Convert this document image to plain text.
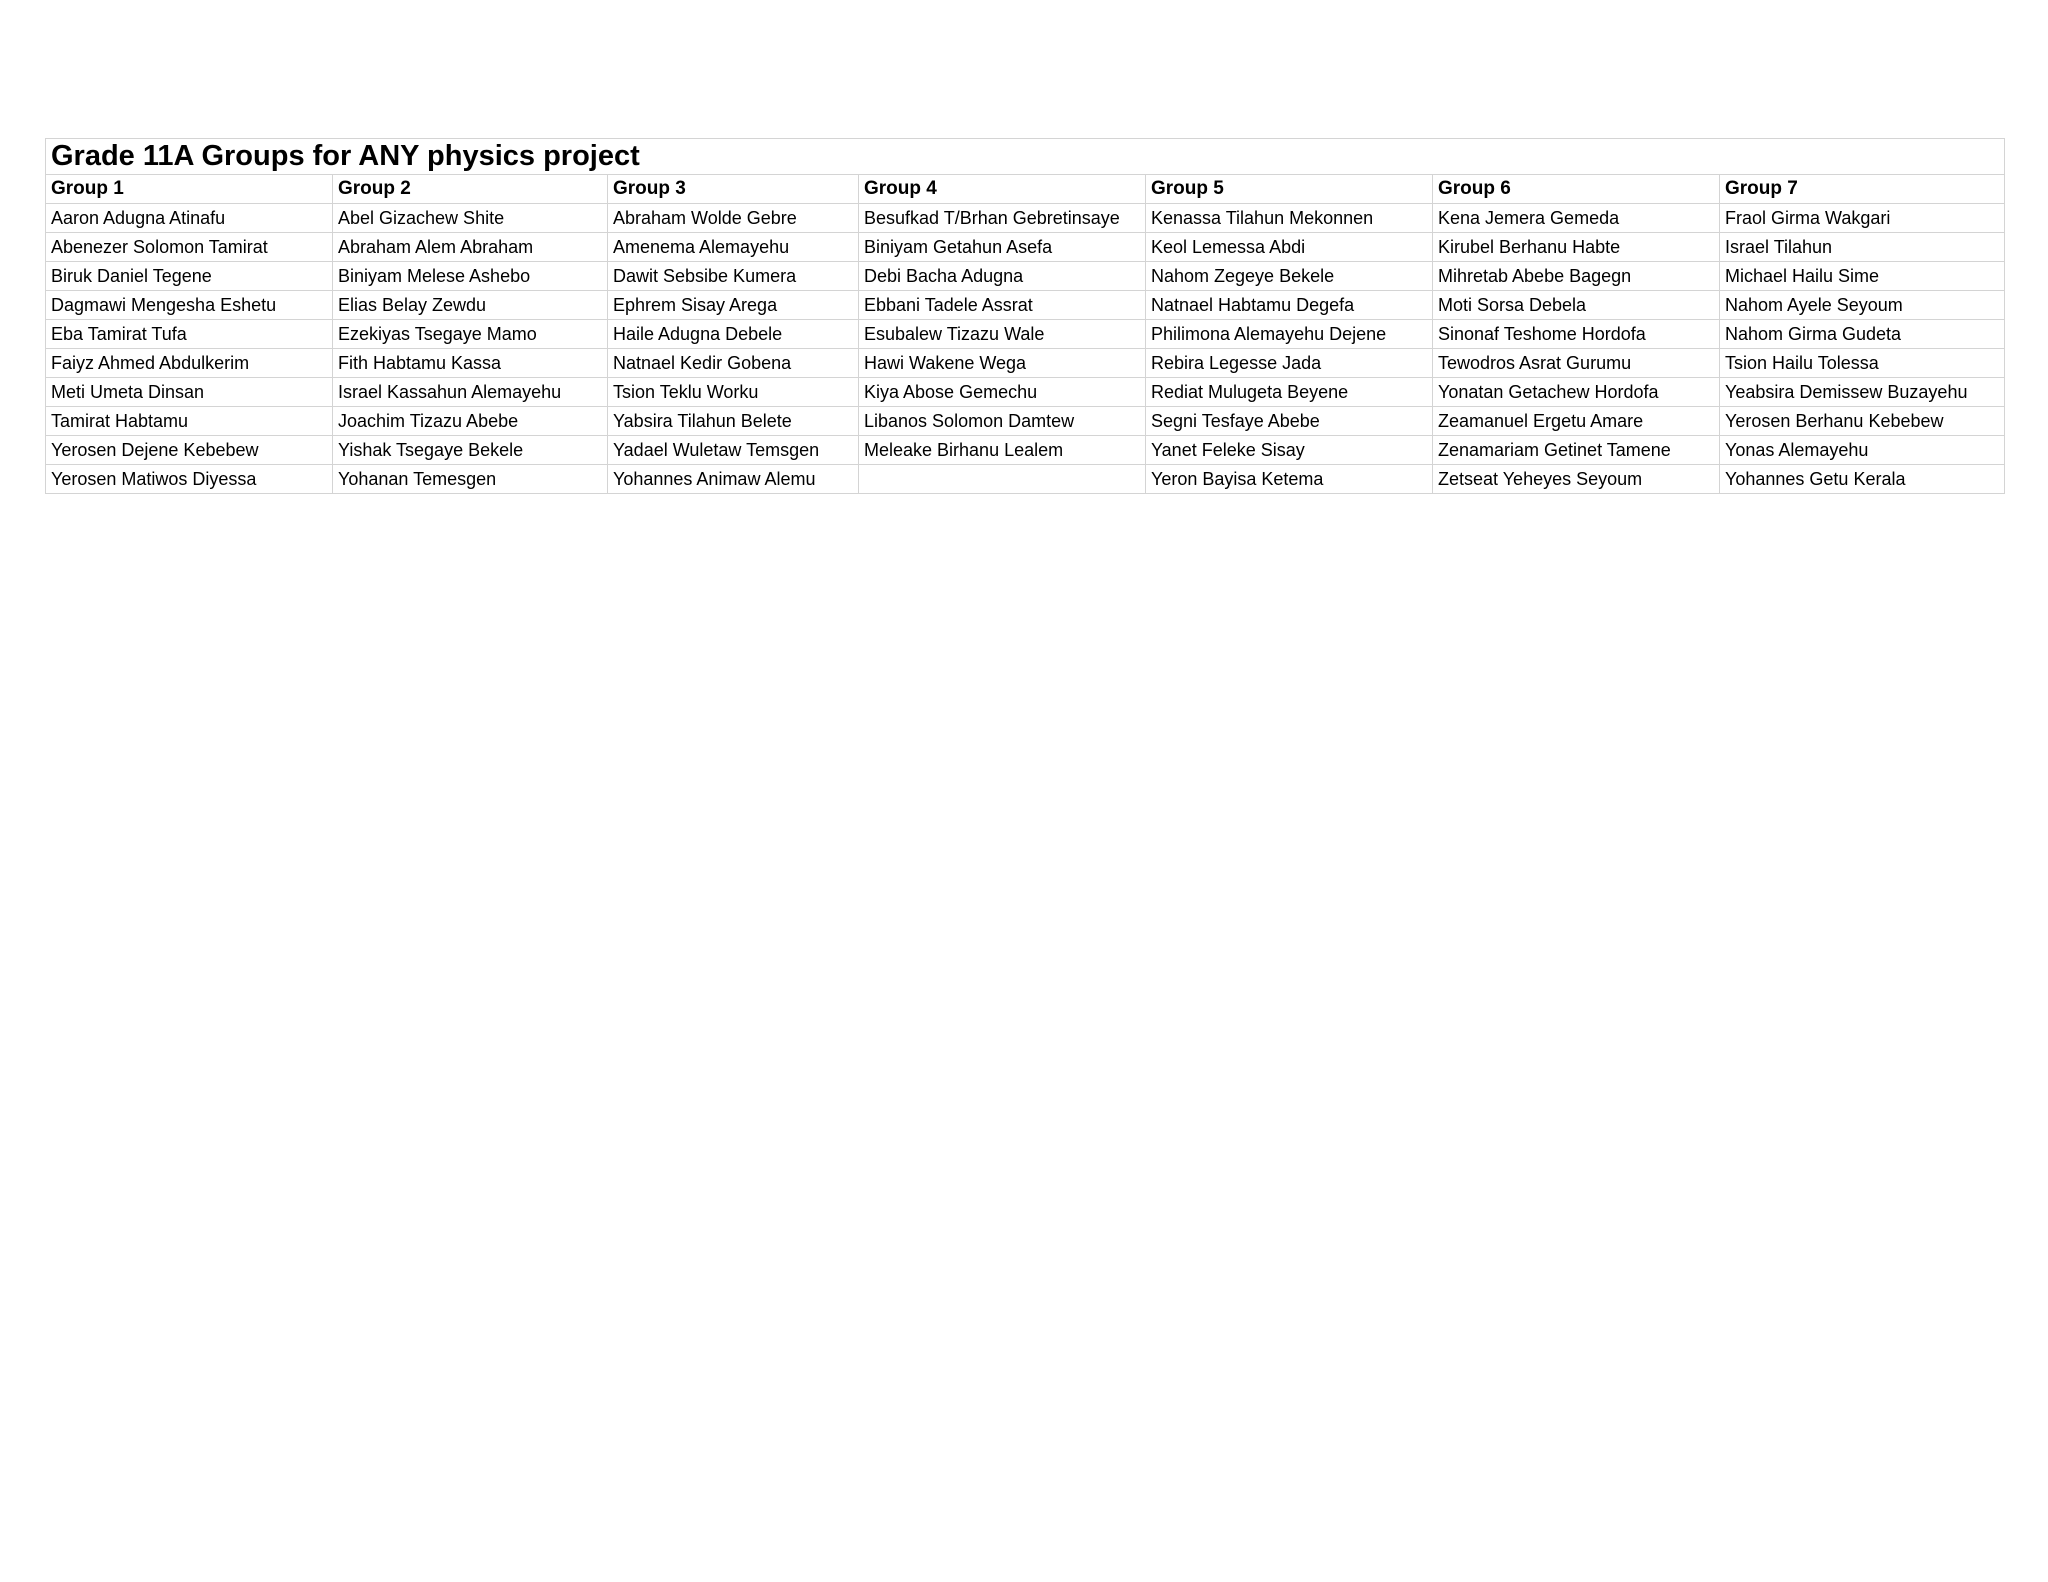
Grade 11A Groups for ANY physics project						
Group 1	Group 2	Group 3	Group 4	Group 5	Group 6	Group 7
Aaron Adugna Atinafu	Abel Gizachew Shite	Abraham Wolde Gebre	Besufkad T/Brhan Gebretinsaye	Kenassa Tilahun Mekonnen	Kena Jemera Gemeda	Fraol Girma Wakgari
Abenezer Solomon Tamirat	Abraham Alem Abraham	Amenema Alemayehu	Biniyam Getahun Asefa	Keol Lemessa Abdi	Kirubel Berhanu Habte	Israel Tilahun
Biruk Daniel Tegene	Biniyam Melese Ashebo	Dawit Sebsibe Kumera	Debi Bacha Adugna	Nahom Zegeye Bekele	Mihretab Abebe Bagegn	Michael Hailu Sime
Dagmawi Mengesha Eshetu	Elias Belay Zewdu	Ephrem Sisay Arega	Ebbani Tadele Assrat	Natnael Habtamu Degefa	Moti Sorsa Debela	Nahom Ayele Seyoum
Eba Tamirat Tufa	Ezekiyas Tsegaye Mamo	Haile Adugna Debele	Esubalew Tizazu Wale	Philimona Alemayehu Dejene	Sinonaf Teshome Hordofa	Nahom Girma Gudeta
Faiyz Ahmed Abdulkerim	Fith Habtamu Kassa	Natnael Kedir Gobena	Hawi Wakene Wega	Rebira Legesse Jada	Tewodros Asrat Gurumu	Tsion Hailu Tolessa
Meti Umeta Dinsan	Israel Kassahun Alemayehu	Tsion Teklu Worku	Kiya Abose Gemechu	Rediat Mulugeta Beyene	Yonatan Getachew Hordofa	Yeabsira Demissew Buzayehu
Tamirat Habtamu	Joachim Tizazu Abebe	Yabsira Tilahun Belete	Libanos Solomon Damtew	Segni Tesfaye Abebe	Zeamanuel Ergetu Amare	Yerosen Berhanu Kebebew
Yerosen Dejene Kebebew	Yishak Tsegaye Bekele	Yadael Wuletaw Temsgen	Meleake Birhanu Lealem	Yanet Feleke Sisay	Zenamariam Getinet Tamene	Yonas Alemayehu
Yerosen Matiwos Diyessa	Yohanan Temesgen	Yohannes Animaw Alemu		Yeron Bayisa Ketema	Zetseat Yeheyes Seyoum	Yohannes Getu Kerala
